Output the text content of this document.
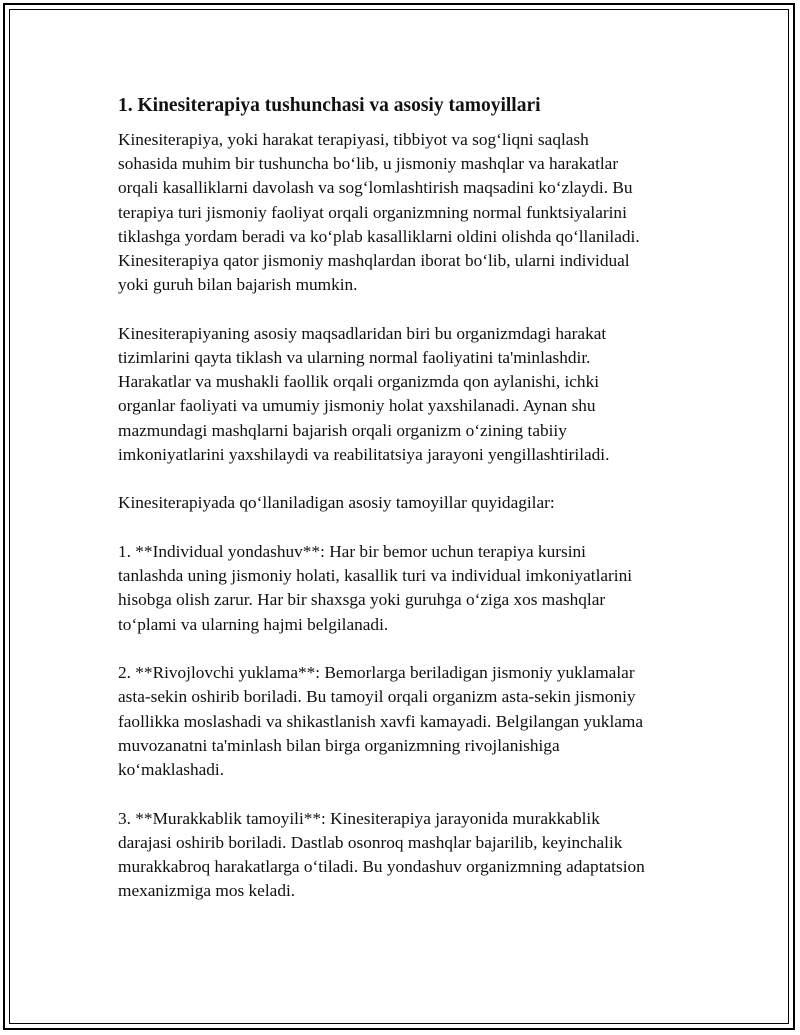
1. Kinesiterapiya tushunchasi va asosiy tamoyillari

Kinesiterapiya, yoki harakat terapiyasi, tibbiyot va sog‘liqni saqlash
sohasida muhim bir tushuncha bo‘lib, u jismoniy mashqlar va harakatlar
orqali kasalliklarni davolash va sog‘lomlashtirish maqsadini ko‘zlaydi. Bu
terapiya turi jismoniy faoliyat orqali organizmning normal funktsiyalarini
tiklashga yordam beradi va ko‘plab kasalliklarni oldini olishda qo‘llaniladi.
Kinesiterapiya qator jismoniy mashqlardan iborat bo‘lib, ularni individual
yoki guruh bilan bajarish mumkin.

Kinesiterapiyaning asosiy maqsadlaridan biri bu organizmdagi harakat
tizimlarini qayta tiklash va ularning normal faoliyatini ta'minlashdir.
Harakatlar va mushakli faollik orqali organizmda qon aylanishi, ichki
organlar faoliyati va umumiy jismoniy holat yaxshilanadi. Aynan shu
mazmundagi mashqlarni bajarish orqali organizm o‘zining tabiiy
imkoniyatlarini yaxshilaydi va reabilitatsiya jarayoni yengillashtiriladi.

Kinesiterapiyada qo‘llaniladigan asosiy tamoyillar quyidagilar:

1. **Individual yondashuv**: Har bir bemor uchun terapiya kursini
tanlashda uning jismoniy holati, kasallik turi va individual imkoniyatlarini
hisobga olish zarur. Har bir shaxsga yoki guruhga o‘ziga xos mashqlar
to‘plami va ularning hajmi belgilanadi.

2. **Rivojlovchi yuklama**: Bemorlarga beriladigan jismoniy yuklamalar
asta-sekin oshirib boriladi. Bu tamoyil orqali organizm asta-sekin jismoniy
faollikka moslashadi va shikastlanish xavfi kamayadi. Belgilangan yuklama
muvozanatni ta'minlash bilan birga organizmning rivojlanishiga
ko‘maklashadi.

3. **Murakkablik tamoyili**: Kinesiterapiya jarayonida murakkablik
darajasi oshirib boriladi. Dastlab osonroq mashqlar bajarilib, keyinchalik
murakkabroq harakatlarga o‘tiladi. Bu yondashuv organizmning adaptatsion
mexanizmiga mos keladi.
